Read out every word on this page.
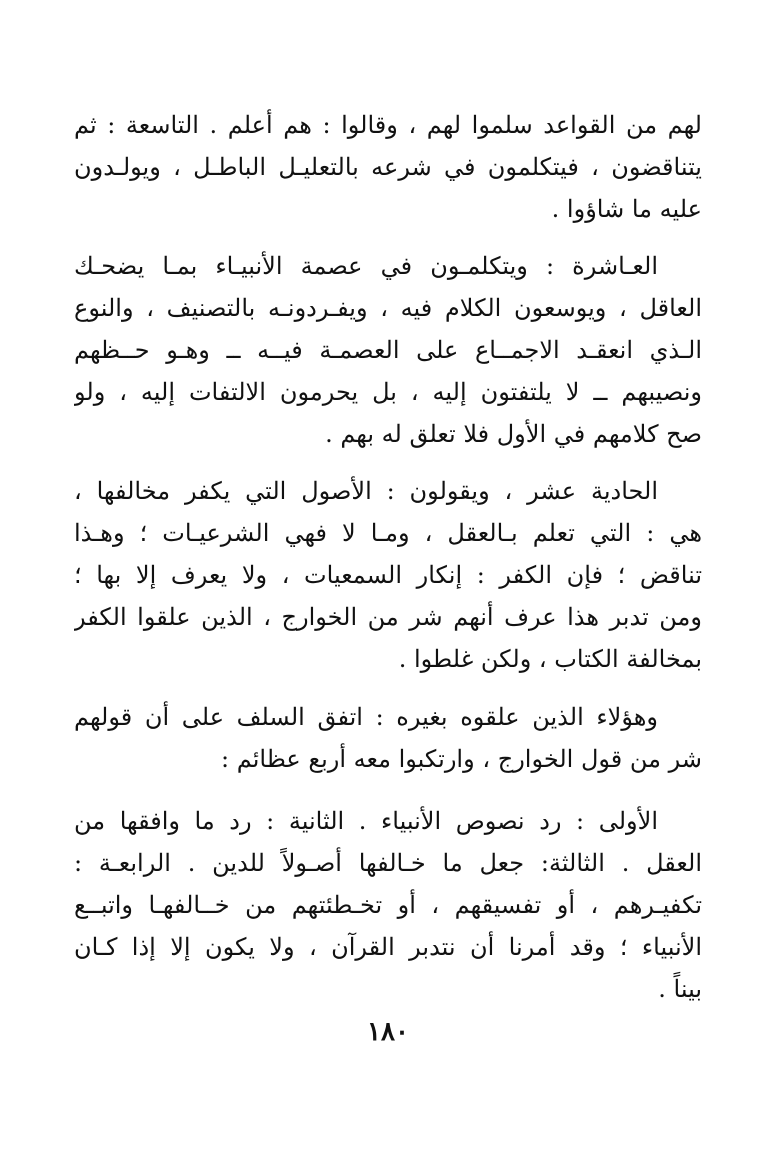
لهم من القواعد سلموا لهم ، وقالوا : هم أعلم . التاسعة : ثم
يتناقضون ، فيتكلمون في شرعه بالتعليـل الباطـل ، ويولـدون
عليه ما شاؤوا .
العـاشرة : ويتكلمـون في عصمة الأنبيـاء بمـا يضحـك
العاقل ، ويوسعون الكلام فيه ، ويفـردونـه بالتصنيف ، والنوع
الـذي انعقـد الاجمــاع على العصمـة فيــه ــ وهـو حــظهم
ونصيبهم ــ لا يلتفتون إليه ، بل يحرمون الالتفات إليه ، ولو
صح كلامهم في الأول فلا تعلق له بهم .
الحادية عشر ، ويقولون : الأصول التي يكفر مخالفها ،
هي : التي تعلم بـالعقل ، ومـا لا فهي الشرعيـات ؛ وهـذا
تناقض ؛ فإن الكفر : إنكار السمعيات ، ولا يعرف إلا بها ؛
ومن تدبر هذا عرف أنهم شر من الخوارج ، الذين علقوا الكفر
بمخالفة الكتاب ، ولكن غلطوا .
وهؤلاء الذين علقوه بغيره : اتفق السلف على أن قولهم
شر من قول الخوارج ، وارتكبوا معه أربع عظائم :
الأولى : رد نصوص الأنبياء . الثانية : رد ما وافقها من
العقل . الثالثة: جعل ما خـالفها أصـولاً للدين . الرابعـة :
تكفيـرهم ، أو تفسيقهم ، أو تخـطئتهم من خــالفهـا واتبــع
الأنبياء ؛ وقد أمرنا أن نتدبر القرآن ، ولا يكون إلا إذا كـان
بيناً .
١٨٠
